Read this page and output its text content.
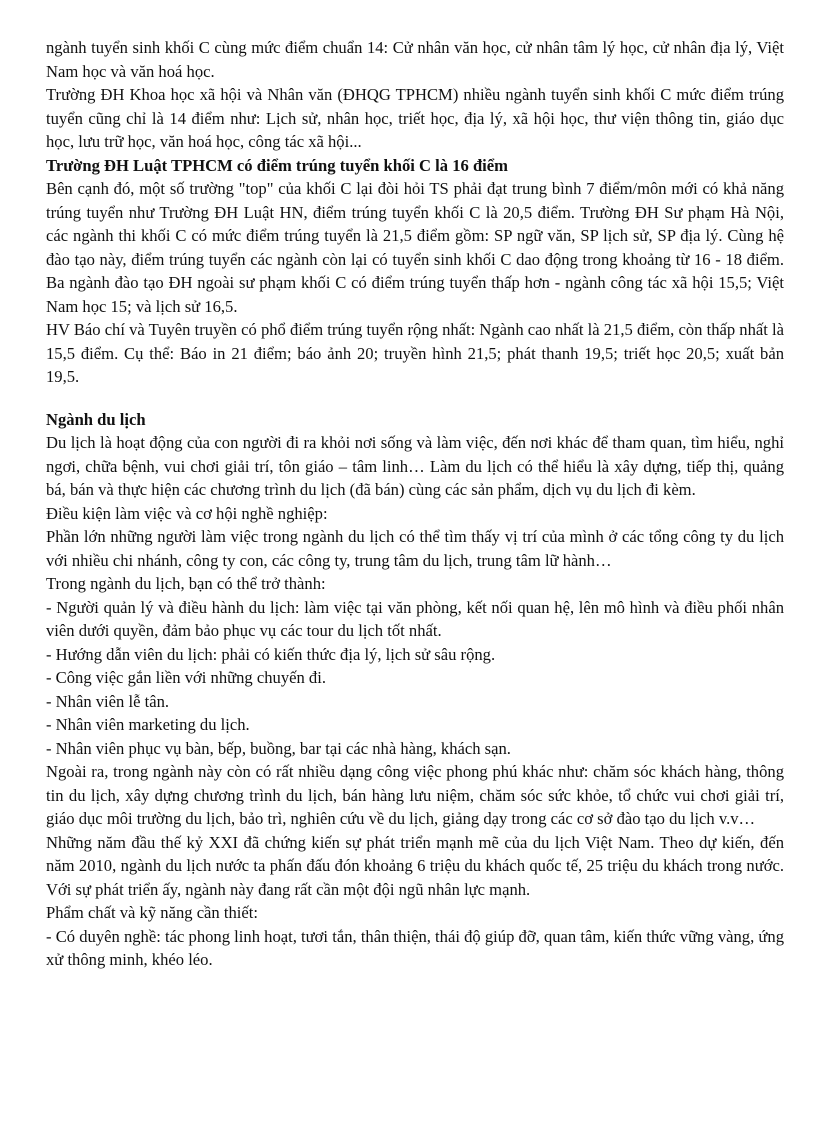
ngành tuyển sinh khối C cùng mức điểm chuẩn 14: Cử nhân văn học, cử nhân tâm lý học, cử nhân địa lý, Việt Nam học và văn hoá học.

Trường ĐH Khoa học xã hội và Nhân văn (ĐHQG TPHCM) nhiều ngành tuyển sinh khối C mức điểm trúng tuyển cũng chỉ là 14 điểm như: Lịch sử, nhân học, triết học, địa lý, xã hội học, thư viện thông tin, giáo dục học, lưu trữ học, văn hoá học, công tác xã hội...

Trường ĐH Luật TPHCM có điểm trúng tuyển khối C là 16 điểm

Bên cạnh đó, một số trường "top" của khối C lại đòi hỏi TS phải đạt trung bình 7 điểm/môn mới có khả năng trúng tuyển như Trường ĐH Luật HN, điểm trúng tuyển khối C là 20,5 điểm. Trường ĐH Sư phạm Hà Nội, các ngành thi khối C có mức điểm trúng tuyển là 21,5 điểm gồm: SP ngữ văn, SP lịch sử, SP địa lý. Cùng hệ đào tạo này, điểm trúng tuyển các ngành còn lại có tuyển sinh khối C dao động trong khoảng từ 16 - 18 điểm. Ba ngành đào tạo ĐH ngoài sư phạm khối C có điểm trúng tuyển thấp hơn - ngành công tác xã hội 15,5; Việt Nam học 15; và lịch sử 16,5.

HV Báo chí và Tuyên truyền có phổ điểm trúng tuyển rộng nhất: Ngành cao nhất là 21,5 điểm, còn thấp nhất là 15,5 điểm. Cụ thể: Báo in 21 điểm; báo ảnh 20; truyền hình 21,5; phát thanh 19,5; triết học 20,5; xuất bản 19,5.

Ngành du lịch

Du lịch là hoạt động của con người đi ra khỏi nơi sống và làm việc, đến nơi khác để tham quan, tìm hiểu, nghỉ ngơi, chữa bệnh, vui chơi giải trí, tôn giáo – tâm linh… Làm du lịch có thể hiểu là xây dựng, tiếp thị, quảng bá, bán và thực hiện các chương trình du lịch (đã bán) cùng các sản phẩm, dịch vụ du lịch đi kèm.

Điều kiện làm việc và cơ hội nghề nghiệp:

Phần lớn những người làm việc trong ngành du lịch có thể tìm thấy vị trí của mình ở các tổng công ty du lịch với nhiều chi nhánh, công ty con, các công ty, trung tâm du lịch, trung tâm lữ hành…

Trong ngành du lịch, bạn có thể trở thành:

- Người quản lý và điều hành du lịch: làm việc tại văn phòng, kết nối quan hệ, lên mô hình và điều phối nhân viên dưới quyền, đảm bảo phục vụ các tour du lịch tốt nhất.

- Hướng dẫn viên du lịch: phải có kiến thức địa lý, lịch sử sâu rộng.

- Công việc gắn liền với những chuyến đi.

- Nhân viên lễ tân.

- Nhân viên marketing du lịch.

- Nhân viên phục vụ bàn, bếp, buồng, bar tại các nhà hàng, khách sạn.

Ngoài ra, trong ngành này còn có rất nhiều dạng công việc phong phú khác như: chăm sóc khách hàng, thông tin du lịch, xây dựng chương trình du lịch, bán hàng lưu niệm, chăm sóc sức khỏe, tổ chức vui chơi giải trí, giáo dục môi trường du lịch, bảo trì, nghiên cứu về du lịch, giảng dạy trong các cơ sở đào tạo du lịch v.v…

Những năm đầu thế kỷ XXI đã chứng kiến sự phát triển mạnh mẽ của du lịch Việt Nam. Theo dự kiến, đến năm 2010, ngành du lịch nước ta phấn đấu đón khoảng 6 triệu du khách quốc tế, 25 triệu du khách trong nước. Với sự phát triển ấy, ngành này đang rất cần một đội ngũ nhân lực mạnh.

Phẩm chất và kỹ năng cần thiết:

- Có duyên nghề: tác phong linh hoạt, tươi tắn, thân thiện, thái độ giúp đỡ, quan tâm, kiến thức vững vàng, ứng xử thông minh, khéo léo.
